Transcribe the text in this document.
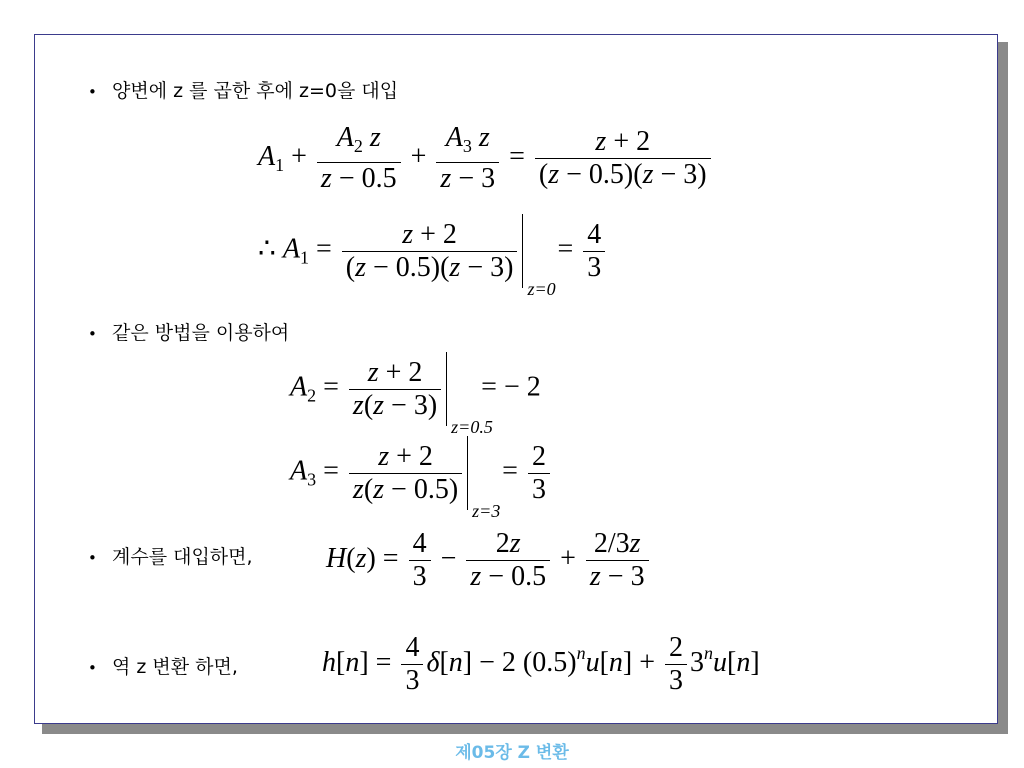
• 양변에 z 를 곱한 후에 z=0을 대입
$A_1 + \frac{A_2 z}{z - 0.5} + \frac{A_3 z}{z - 3} = \frac{z + 2}{(z - 0.5)(z - 3)}$
∴ $A_1 = \frac{z + 2}{(z - 0.5)(z - 3)}$
z=0
= $\frac{4}{3}$
• 같은 방법을 이용하여
$A_2 = \frac{z + 2}{z(z - 3)}$
z=0.5
= − 2
$A_3 = \frac{z + 2}{z(z - 0.5)}$
z=3
= $\frac{2}{3}$
• 계수를 대입하면,	$H(z) = \frac{4}{3} - \frac{2z}{z - 0.5} + \frac{2/3z}{z - 3}$
• 역 z 변환 하면,	$h[n] = \frac{4}{3} \delta[n] - 2$ $(0.5)^nu[n] + \frac{2}{3} 3^nu[n]$
제05장 Z 변환
